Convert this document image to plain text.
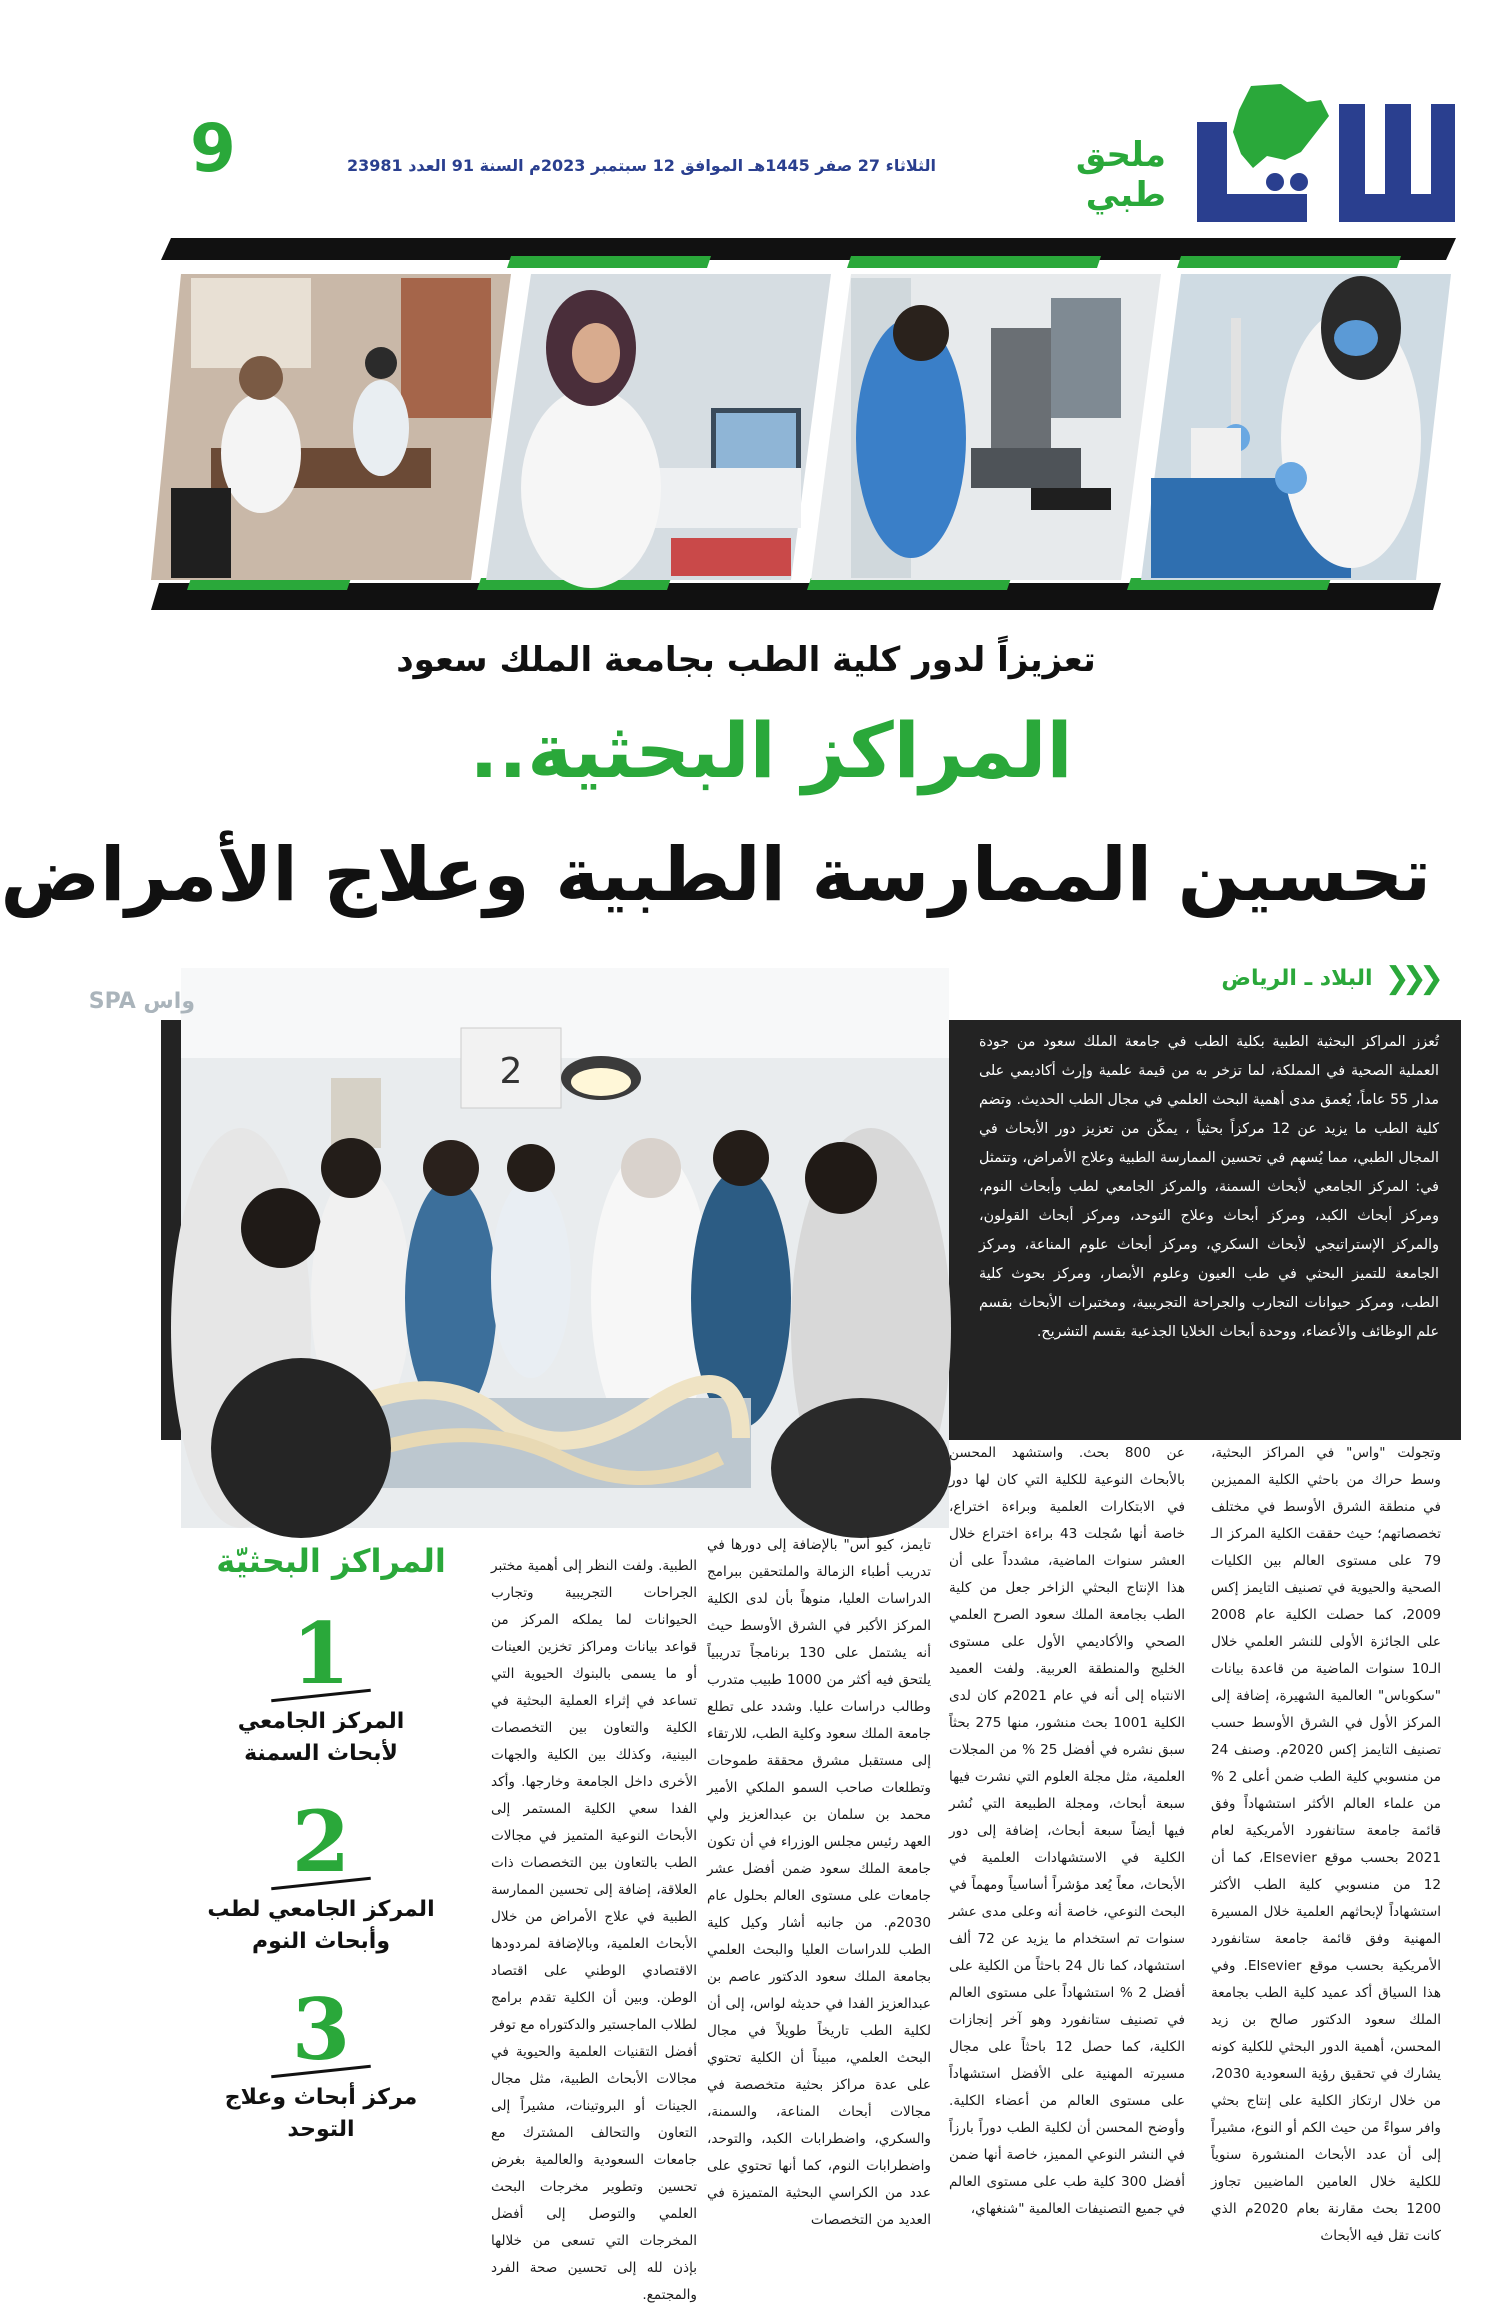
ملحق طبي
الثلاثاء 27 صفر 1445هـ الموافق 12 سبتمبر 2023م السنة 91 العدد 23981
9
تعزيزاً لدور كلية الطب بجامعة الملك سعود
المراكز البحثية..
تحسين الممارسة الطبية وعلاج الأمراض
❮❮❮
البلاد ـ الرياض
2
واس SPA
تُعزز المراكز البحثية الطبية بكلية الطب في جامعة الملك سعود من جودة العملية الصحية في المملكة، لما تزخر به من قيمة علمية وإرث أكاديمي على مدار 55 عاماً، يُعمق مدى أهمية البحث العلمي في مجال الطب الحديث. وتضم كلية الطب ما يزيد عن 12 مركزاً بحثياً ، يمكّن من تعزيز دور الأبحاث في المجال الطبي، مما يُسهم في تحسين الممارسة الطبية وعلاج الأمراض، وتتمثل في: المركز الجامعي لأبحاث السمنة، والمركز الجامعي لطب وأبحاث النوم، ومركز أبحاث الكبد، ومركز أبحاث وعلاج التوحد، ومركز أبحاث القولون، والمركز الإستراتيجي لأبحاث السكري، ومركز أبحاث علوم المناعة، ومركز الجامعة للتميز البحثي في طب العيون وعلوم الأبصار، ومركز بحوث كلية الطب، ومركز حيوانات التجارب والجراحة التجريبية، ومختبرات الأبحاث بقسم علم الوظائف والأعضاء، ووحدة أبحاث الخلايا الجذعية بقسم التشريح.
وتجولت "واس" في المراكز البحثية، وسط حراك من باحثي الكلية المميزين في منطقة الشرق الأوسط في مختلف تخصصاتهم؛ حيث حققت الكلية المركز الـ 79 على مستوى العالم بين الكليات الصحية والحيوية في تصنيف التايمز إكس 2009، كما حصلت الكلية عام 2008 على الجائزة الأولى للنشر العلمي خلال الـ10 سنوات الماضية من قاعدة بيانات "سكوباس" العالمية الشهيرة، إضافة إلى المركز الأول في الشرق الأوسط حسب تصنيف التايمز إكس 2020م. وصنف 24 من منسوبي كلية الطب ضمن أعلى 2 % من علماء العالم الأكثر استشهاداً وفق قائمة جامعة ستانفورد الأمريكية لعام 2021 بحسب موقع Elsevier، كما أن 12 من منسوبي كلية الطب الأكثر استشهاداً لإبحاثهم العلمية خلال المسيرة المهنية وفق قائمة جامعة ستانفورد الأمريكية بحسب موقع Elsevier. وفي هذا السياق أكد عميد كلية الطب بجامعة الملك سعود الدكتور صالح بن زيد المحسن، أهمية الدور البحثي للكلية كونه يشارك في تحقيق رؤية السعودية 2030، من خلال ارتكاز الكلية على إنتاج بحثي وافر سواءً من حيث الكم أو النوع، مشيراً إلى أن عدد الأبحاث المنشورة سنوياً للكلية خلال العامين الماضيين تجاوز 1200 بحث مقارنة بعام 2020م الذي كانت تقل فيه الأبحاث
عن 800 بحث. واستشهد المحسن بالأبحاث النوعية للكلية التي كان لها دور في الابتكارات العلمية وبراءة اختراع، خاصة أنها سُجلت 43 براءة اختراع خلال العشر سنوات الماضية، مشدداً على أن هذا الإنتاج البحثي الزاخر جعل من كلية الطب بجامعة الملك سعود الصرح العلمي الصحي والأكاديمي الأول على مستوى الخليج والمنطقة العربية. ولفت العميد الانتباه إلى أنه في عام 2021م كان لدى الكلية 1001 بحث منشور، منها 275 بحثاً سبق نشره في أفضل 25 % من المجلات العلمية، مثل مجلة العلوم التي نشرت فيها سبعة أبحاث، ومجلة الطبيعة التي نُشر فيها أيضاً سبعة أبحاث، إضافة إلى دور الكلية في الاستشهادات العلمية في الأبحاث، معاً يُعد مؤشراً أساسياً ومهماً في البحث النوعي، خاصة أنه وعلى مدى عشر سنوات تم استخدام ما يزيد عن 72 ألف استشهاد، كما نال 24 باحثاً من الكلية على أفضل 2 % استشهاداً على مستوى العالم في تصنيف ستانفورد وهو آخر إنجازات الكلية، كما حصل 12 باحثاً على مجال مسيرته المهنية على الأفضل استشهاداً على مستوى العالم من أعضاء الكلية. وأوضح المحسن أن لكلية الطب دوراً بارزاً في النشر النوعي المميز، خاصة أنها ضمن أفضل 300 كلية طب على مستوى العالم في جميع التصنيفات العالمية "شنغهاي،
تايمز، كيو أس" بالإضافة إلى دورها في تدريب أطباء الزمالة والملتحقين ببرامج الدراسات العليا، منوهاً بأن لدى الكلية المركز الأكبر في الشرق الأوسط حيث أنه يشتمل على 130 برنامجاً تدريبياً يلتحق فيه أكثر من 1000 طبيب متدرب وطالب دراسات عليا. وشدد على تطلع جامعة الملك سعود وكلية الطب، للارتقاء إلى مستقبل مشرق محققة طموحات وتطلعات صاحب السمو الملكي الأمير محمد بن سلمان بن عبدالعزيز ولي العهد رئيس مجلس الوزراء في أن تكون جامعة الملك سعود ضمن أفضل عشر جامعات على مستوى العالم بحلول عام 2030م. من جانبه أشار وكيل كلية الطب للدراسات العليا والبحث العلمي بجامعة الملك سعود الدكتور عاصم بن عبدالعزيز الفدا في حديثه لواس، إلى أن لكلية الطب تاريخاً طويلاً في مجال البحث العلمي، مبيناً أن الكلية تحتوي على عدة مراكز بحثية متخصصة في مجالات أبحاث المناعة، والسمنة، والسكري، واضطرابات الكبد، والتوحد، واضطرابات النوم، كما أنها تحتوي على عدد من الكراسي البحثية المتميزة في العديد من التخصصات
الطبية. ولفت النظر إلى أهمية مختبر الجراحات التجريبية وتجارب الحيوانات لما يملكه المركز من قواعد بيانات ومراكز تخزين العينات أو ما يسمى بالبنوك الحيوية التي تساعد في إثراء العملية البحثية في الكلية والتعاون بين التخصصات البينية، وكذلك بين الكلية والجهات الأخرى داخل الجامعة وخارجها. وأكد الفدا سعي الكلية المستمر إلى الأبحاث النوعية المتميز في مجالات الطب بالتعاون بين التخصصات ذات العلاقة، إضافة إلى تحسين الممارسة الطبية في علاج الأمراض من خلال الأبحاث العلمية، وبالإضافة لمردودها الاقتصادي الوطني على اقتصاد الوطن. وبين أن الكلية تقدم برامج لطلاب الماجستير والدكتوراه مع توفر أفضل التقنيات العلمية والحيوية في مجالات الأبحاث الطبية، مثل مجال الجينات أو البروتينات، مشيراً إلى التعاون والتحالف المشترك مع جامعات السعودية والعالمية بغرض تحسين وتطوير مخرجات البحث العلمي والتوصل إلى أفضل المخرجات التي تسعى من خلالها بإذن لله إلى تحسين صحة الفرد والمجتمع.
المراكز البحثيّة
1
المركز الجامعي لأبحاث السمنة
2
المركز الجامعي لطب وأبحاث النوم
3
مركز أبحاث وعلاج التوحد
